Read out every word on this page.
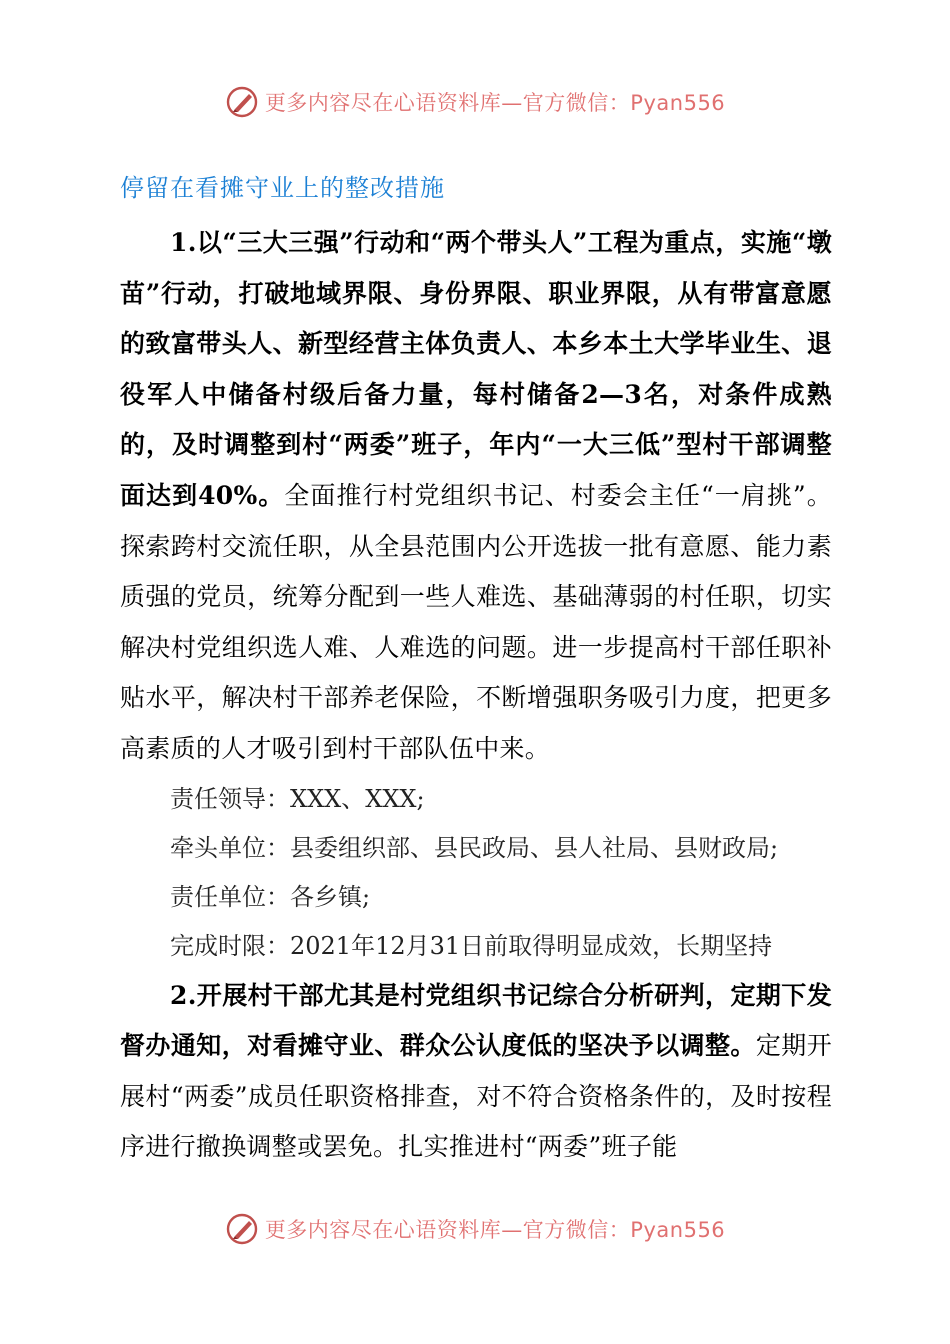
更多内容尽在心语资料库—官方微信：Pyan556
停留在看摊守业上的整改措施

1.以“三大三强”行动和“两个带头人”工程为重点，实施“墩苗”行动，打破地域界限、身份界限、职业界限，从有带富意愿的致富带头人、新型经营主体负责人、本乡本土大学毕业生、退役军人中储备村级后备力量，每村储备2—3名，对条件成熟的，及时调整到村“两委”班子，年内“一大三低”型村干部调整面达到40%。全面推行村党组织书记、村委会主任“一肩挑”。探索跨村交流任职，从全县范围内公开选拔一批有意愿、能力素质强的党员，统筹分配到一些人难选、基础薄弱的村任职，切实解决村党组织选人难、人难选的问题。进一步提高村干部任职补贴水平，解决村干部养老保险，不断增强职务吸引力度，把更多高素质的人才吸引到村干部队伍中来。

责任领导：XXX、XXX;

牵头单位：县委组织部、县民政局、县人社局、县财政局;

责任单位：各乡镇;

完成时限：2021年12月31日前取得明显成效，长期坚持

2.开展村干部尤其是村党组织书记综合分析研判，定期下发督办通知，对看摊守业、群众公认度低的坚决予以调整。定期开展村“两委”成员任职资格排查，对不符合资格条件的，及时按程序进行撤换调整或罢免。扎实推进村“两委”班子能

更多内容尽在心语资料库—官方微信：Pyan556
